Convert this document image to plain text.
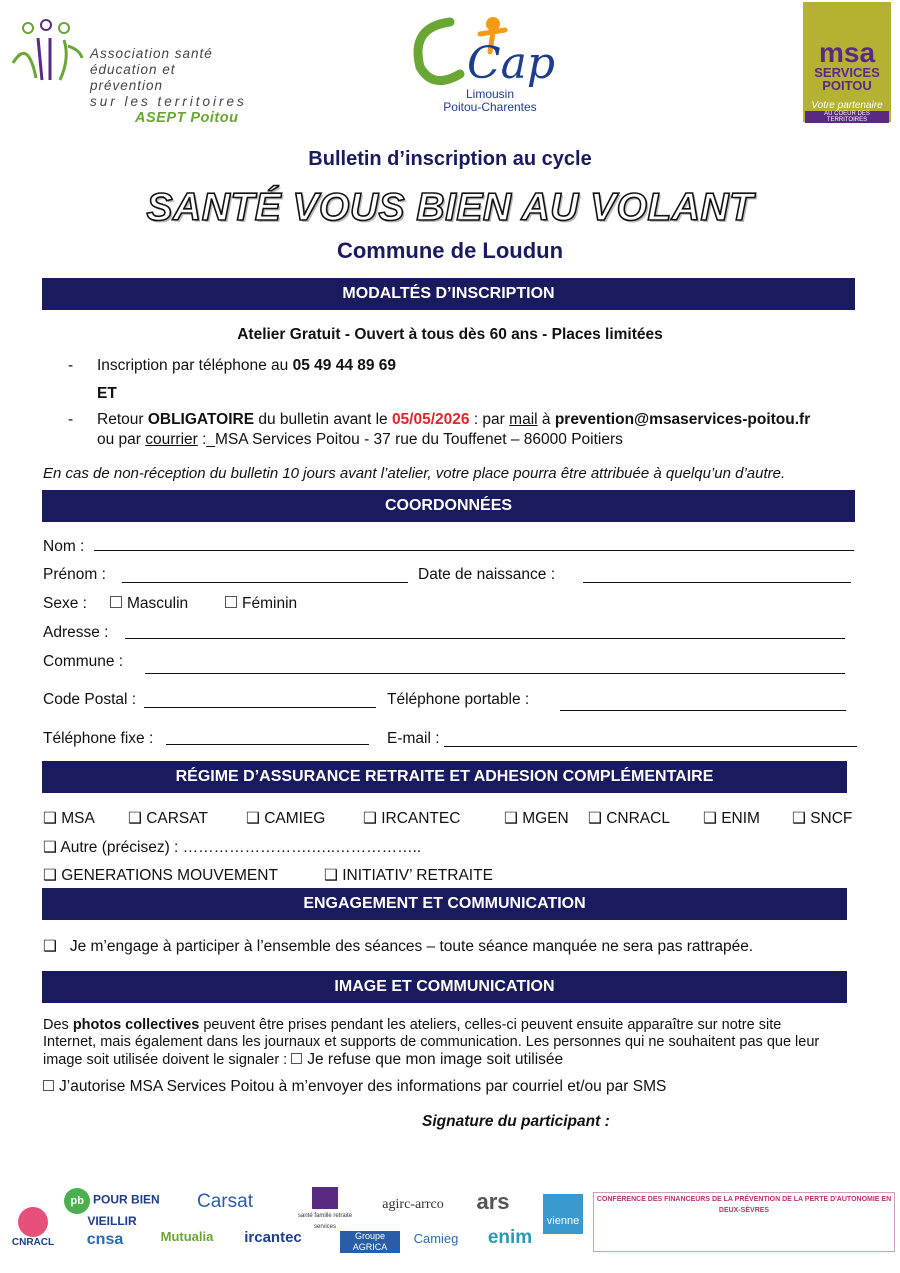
Association santé
éducation et prévention
sur les territoires
ASEPT Poitou
Cap
Limousin
Poitou-Charentes
msa
SERVICES
POITOU
Votre partenaire
AU COEUR DES TERRITOIRES
Bulletin d’inscription au cycle
SANTÉ VOUS BIEN AU VOLANT
Commune de Loudun
MODALTÉS D’INSCRIPTION
Atelier Gratuit - Ouvert à tous dès 60 ans - Places limitées
- Inscription par téléphone au 05 49 44 89 69
ET
- Retour OBLIGATOIRE du bulletin avant le 05/05/2026 : par mail à prevention@msaservices-poitou.fr
ou par courrier :_MSA Services Poitou - 37 rue du Touffenet – 86000 Poitiers
En cas de non-réception du bulletin 10 jours avant l’atelier, votre place pourra être attribuée à quelqu’un d’autre.
COORDONNÉES
Nom :
Prénom :	Date de naissance :
Sexe :	Masculin	Féminin
Adresse :
Commune :
Code Postal :	Téléphone portable :
Téléphone fixe :	E-mail :
RÉGIME D’ASSURANCE RETRAITE ET ADHESION COMPLÉMENTAIRE
❑ MSA ❑ CARSAT ❑ CAMIEG ❑ IRCANTEC	❑ MGEN ❑ CNRACL ❑ ENIM ❑ SNCF
❑ Autre (précisez) : …………………….…..……………..
❑ GENERATIONS MOUVEMENT	❑ INITIATIV’ RETRAITE
ENGAGEMENT ET COMMUNICATION
❑   Je m’engage à participer à l’ensemble des séances – toute séance manquée ne sera pas rattrapée.
IMAGE ET COMMUNICATION
Des photos collectives peuvent être prises pendant les ateliers, celles-ci peuvent ensuite apparaître sur notre site
Internet, mais également dans les journaux et supports de communication. Les personnes qui ne souhaitent pas que leur
image soit utilisée doivent le signaler : Je refuse que mon image soit utilisée
J’autorise MSA Services Poitou à m’envoyer des informations par courriel et/ou par SMS
Signature du participant :
CNRACL	cnsa
pb POUR BIEN VIEILLIR
Mutualia
Carsat
ircantec
santé famille retraite services
Groupe AGRICA
agirc-arrco
Camieg
ars
enim
vienne
CONFÉRENCE DES FINANCEURS DE LA PRÉVENTION DE LA PERTE D'AUTONOMIE EN DEUX-SÈVRES
